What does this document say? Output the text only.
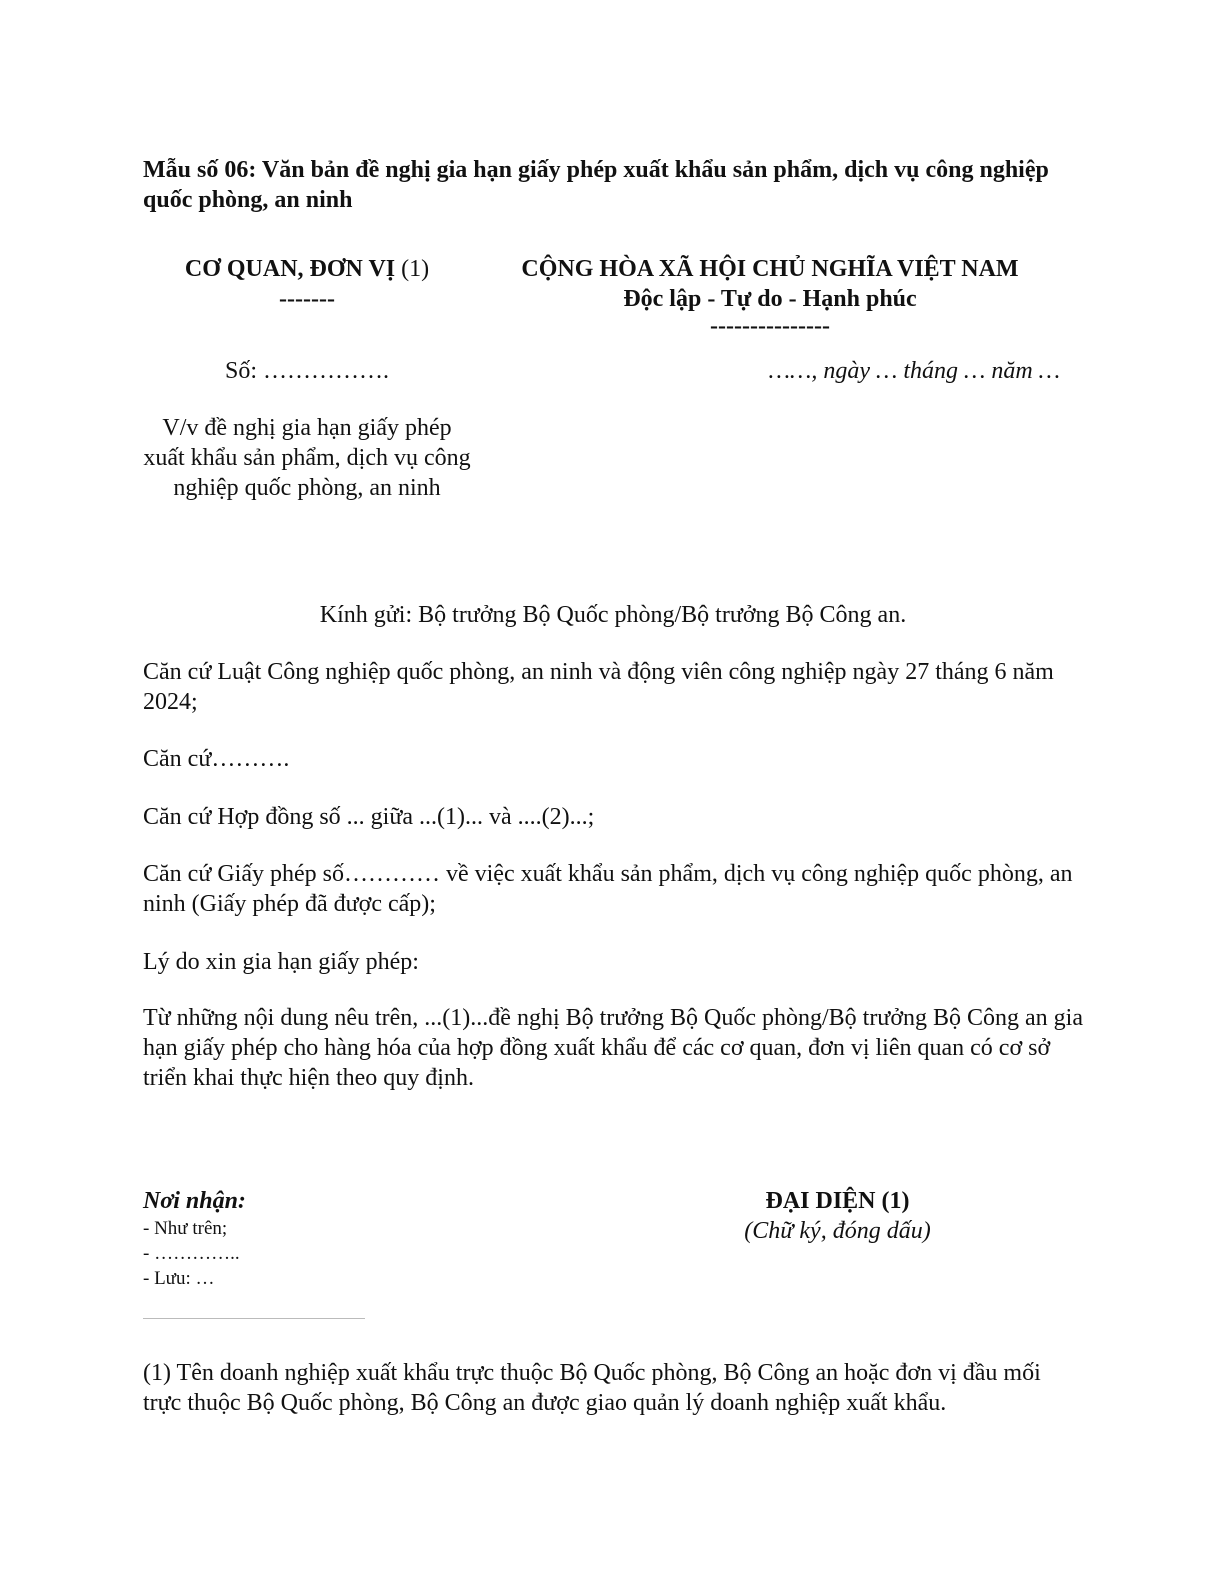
Mẫu số 06: Văn bản đề nghị gia hạn giấy phép xuất khẩu sản phẩm, dịch vụ công nghiệp quốc phòng, an ninh
CƠ QUAN, ĐƠN VỊ (1)
-------
CỘNG HÒA XÃ HỘI CHỦ NGHĨA VIỆT NAM
Độc lập - Tự do - Hạnh phúc
---------------
Số: …………….	……, ngày … tháng … năm …
V/v đề nghị gia hạn giấy phép xuất khẩu sản phẩm, dịch vụ công nghiệp quốc phòng, an ninh
Kính gửi: Bộ trưởng Bộ Quốc phòng/Bộ trưởng Bộ Công an.

Căn cứ Luật Công nghiệp quốc phòng, an ninh và động viên công nghiệp ngày 27 tháng 6 năm 2024;

Căn cứ……….

Căn cứ Hợp đồng số ... giữa ...(1)... và ....(2)...;

Căn cứ Giấy phép số………… về việc xuất khẩu sản phẩm, dịch vụ công nghiệp quốc phòng, an ninh (Giấy phép đã được cấp);

Lý do xin gia hạn giấy phép:

Từ những nội dung nêu trên, ...(1)...đề nghị Bộ trưởng Bộ Quốc phòng/Bộ trưởng Bộ Công an gia hạn giấy phép cho hàng hóa của hợp đồng xuất khẩu để các cơ quan, đơn vị liên quan có cơ sở triển khai thực hiện theo quy định.

Nơi nhận:
- Như trên;
- …………..
- Lưu: …
ĐẠI DIỆN (1)
(Chữ ký, đóng dấu)
(1) Tên doanh nghiệp xuất khẩu trực thuộc Bộ Quốc phòng, Bộ Công an hoặc đơn vị đầu mối trực thuộc Bộ Quốc phòng, Bộ Công an được giao quản lý doanh nghiệp xuất khẩu.
